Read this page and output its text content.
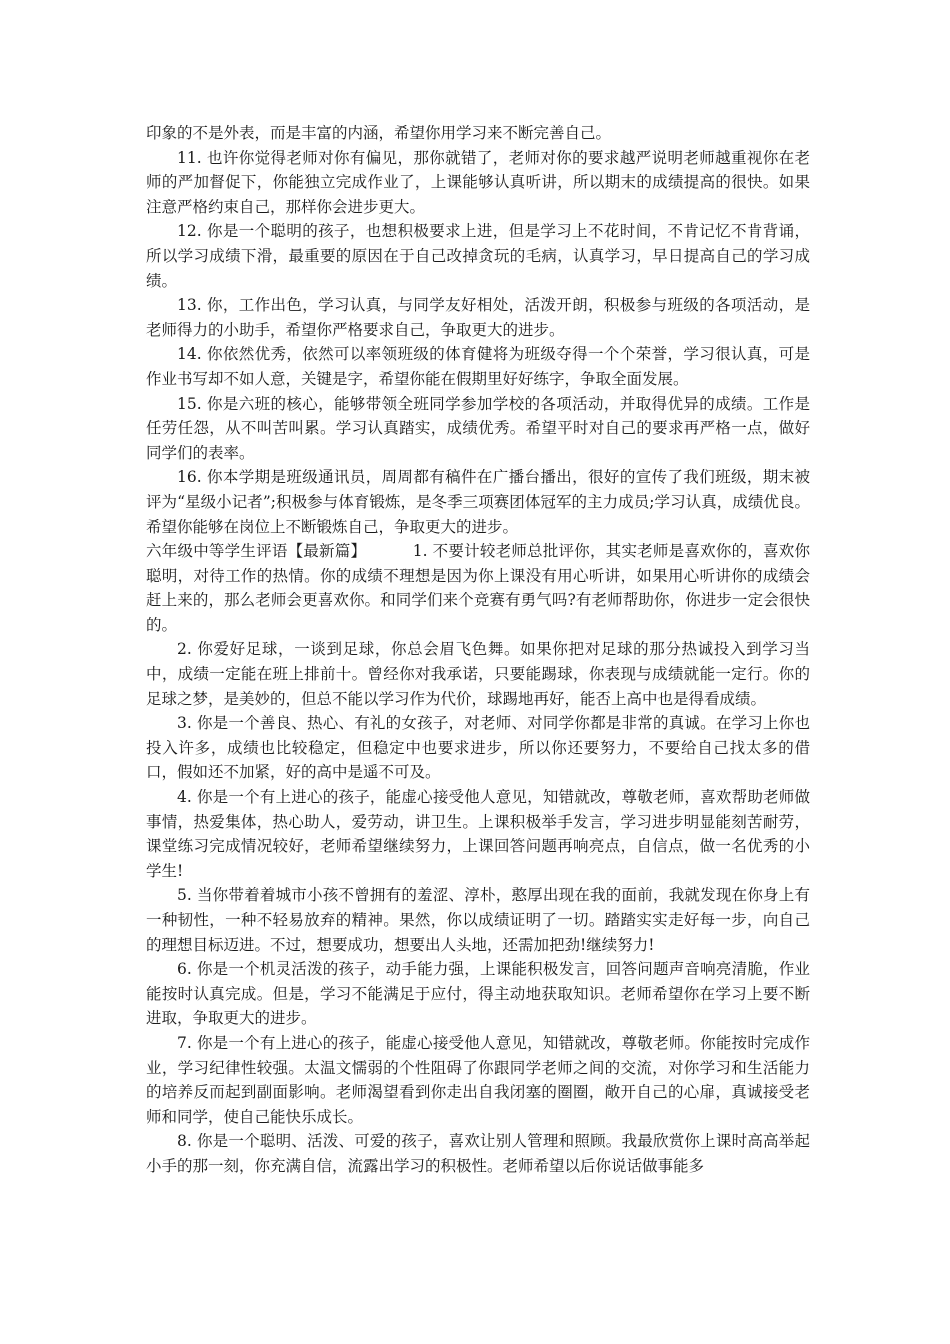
印象的不是外表，而是丰富的内涵，希望你用学习来不断完善自己。

11. 也许你觉得老师对你有偏见，那你就错了，老师对你的要求越严说明老师越重视你在老师的严加督促下，你能独立完成作业了，上课能够认真听讲，所以期末的成绩提高的很快。如果注意严格约束自己，那样你会进步更大。

12. 你是一个聪明的孩子，也想积极要求上进，但是学习上不花时间，不肯记忆不肯背诵，所以学习成绩下滑，最重要的原因在于自己改掉贪玩的毛病，认真学习，早日提高自己的学习成绩。

13. 你，工作出色，学习认真，与同学友好相处，活泼开朗，积极参与班级的各项活动，是老师得力的小助手，希望你严格要求自己，争取更大的进步。

14. 你依然优秀，依然可以率领班级的体育健将为班级夺得一个个荣誉，学习很认真，可是作业书写却不如人意，关键是字，希望你能在假期里好好练字，争取全面发展。

15. 你是六班的核心，能够带领全班同学参加学校的各项活动，并取得优异的成绩。工作是任劳任怨，从不叫苦叫累。学习认真踏实，成绩优秀。希望平时对自己的要求再严格一点，做好同学们的表率。

16. 你本学期是班级通讯员，周周都有稿件在广播台播出，很好的宣传了我们班级，期末被评为“星级小记者”;积极参与体育锻炼，是冬季三项赛团体冠军的主力成员;学习认真，成绩优良。希望你能够在岗位上不断锻炼自己，争取更大的进步。

六年级中等学生评语【最新篇】	1. 不要计较老师总批评你，其实老师是喜欢你的，喜欢你聪明，对待工作的热情。你的成绩不理想是因为你上课没有用心听讲，如果用心听讲你的成绩会赶上来的，那么老师会更喜欢你。和同学们来个竞赛有勇气吗?有老师帮助你，你进步一定会很快的。

2. 你爱好足球，一谈到足球，你总会眉飞色舞。如果你把对足球的那分热诚投入到学习当中，成绩一定能在班上排前十。曾经你对我承诺，只要能踢球，你表现与成绩就能一定行。你的足球之梦，是美妙的，但总不能以学习作为代价，球踢地再好，能否上高中也是得看成绩。

3. 你是一个善良、热心、有礼的女孩子，对老师、对同学你都是非常的真诚。在学习上你也投入许多，成绩也比较稳定，但稳定中也要求进步，所以你还要努力，不要给自己找太多的借口，假如还不加紧，好的高中是遥不可及。

4. 你是一个有上进心的孩子，能虚心接受他人意见，知错就改，尊敬老师，喜欢帮助老师做事情，热爱集体，热心助人，爱劳动，讲卫生。上课积极举手发言，学习进步明显能刻苦耐劳，课堂练习完成情况较好，老师希望继续努力，上课回答问题再响亮点，自信点，做一名优秀的小学生!

5. 当你带着着城市小孩不曾拥有的羞涩、淳朴，憨厚出现在我的面前，我就发现在你身上有一种韧性，一种不轻易放弃的精神。果然，你以成绩证明了一切。踏踏实实走好每一步，向自己的理想目标迈进。不过，想要成功，想要出人头地，还需加把劲!继续努力!

6. 你是一个机灵活泼的孩子，动手能力强，上课能积极发言，回答问题声音响亮清脆，作业能按时认真完成。但是，学习不能满足于应付，得主动地获取知识。老师希望你在学习上要不断进取，争取更大的进步。

7. 你是一个有上进心的孩子，能虚心接受他人意见，知错就改，尊敬老师。你能按时完成作业，学习纪律性较强。太温文懦弱的个性阻碍了你跟同学老师之间的交流，对你学习和生活能力的培养反而起到副面影响。老师渴望看到你走出自我闭塞的圈圈，敞开自己的心扉，真诚接受老师和同学，使自己能快乐成长。

8. 你是一个聪明、活泼、可爱的孩子，喜欢让别人管理和照顾。我最欣赏你上课时高高举起小手的那一刻，你充满自信，流露出学习的积极性。老师希望以后你说话做事能多
